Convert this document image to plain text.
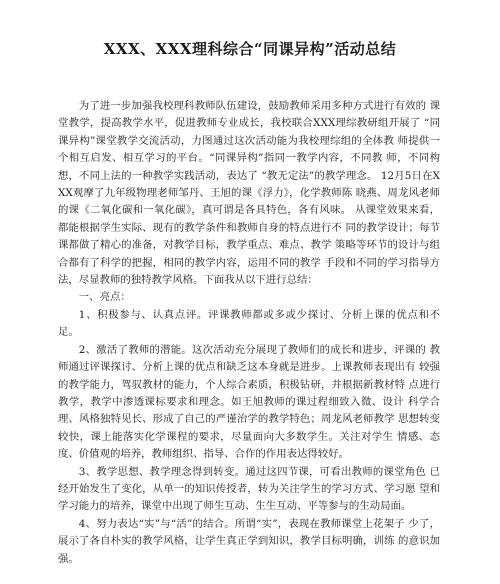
XXX、XXX理科综合“同课异构”活动总结

为了进一步加强我校理科教师队伍建设，鼓励教师采用多种方式进行有效的 课堂教学，提高教学水平，促进教师专业成长，我校联合XXX理综教研组开展了 “同课异构”课堂教学交流活动，力图通过这次活动能为我校理综组的全体教 师提供一个相互启发、相互学习的平台。“同课异构”指同一教学内容，不同教 师，不同构想，不同上法的一种教学实践活动，表达了 “教无定法”的教学理念。 12月5日在XXX观摩了九年级物理老师邹丹、王旭的课《浮力》，化学教师陈 晓燕、周龙风老师的课《二氧化碳和一氧化碳》，真可谓是各具特色，各有风味。 从课堂效果来看，都能根据学生实际、现有的教学条件和教师自身的特点进行不 同的教学设计；每节课都做了精心的准备，对教学目标，教学重点、难点、教学 策略等环节的设计与组合都有了科学的把握，相同的教学内容，运用不同的教学 手段和不同的学习指导方法，尽显教师的独特教学风格。下面我从以下进行总结：

一、亮点：

1、积极参与、认真点评。评课教师都或多或少探讨、分析上课的优点和不 足。

2、激活了教师的潜能。这次活动充分展现了教师们的成长和进步，评课的 教师通过评课探讨、分析上课的优点和缺乏这本身就是进步。上课教师表现出有 较强的教学能力，驾驭教材的能力，个人综合素质，积极钻研，并根据新教材特 点进行教学，教学中渗透课标要求和理念。如王旭教师的课过程细致入微、设计 科学合理、风格独特见长、形成了自己的严谨治学的教学特色；周龙风老师教学 思想转变较快，课上能落实化学课程的要求，尽量面向大多数学生。关注对学生 情感、态度、价值观的培养，教师组织、指导、合作的作用表达得较好。

3、教学思想、教学理念得到转变。通过这四节课，可看出教师的课堂角色 已经开始发生了变化，从单一的知识传授者，转为关注学生的学习方式、学习愿 望和学习能力的培养，课堂中出现了师生互动、生生互动、平等参与的生动局面。

4、努力表达“实”与“活”的结合。所谓“实”，表现在教师课堂上花架子 少了，展示了各自朴实的教学风格，让学生真正学到知识，教学目标明确，训练 的意识加强。
